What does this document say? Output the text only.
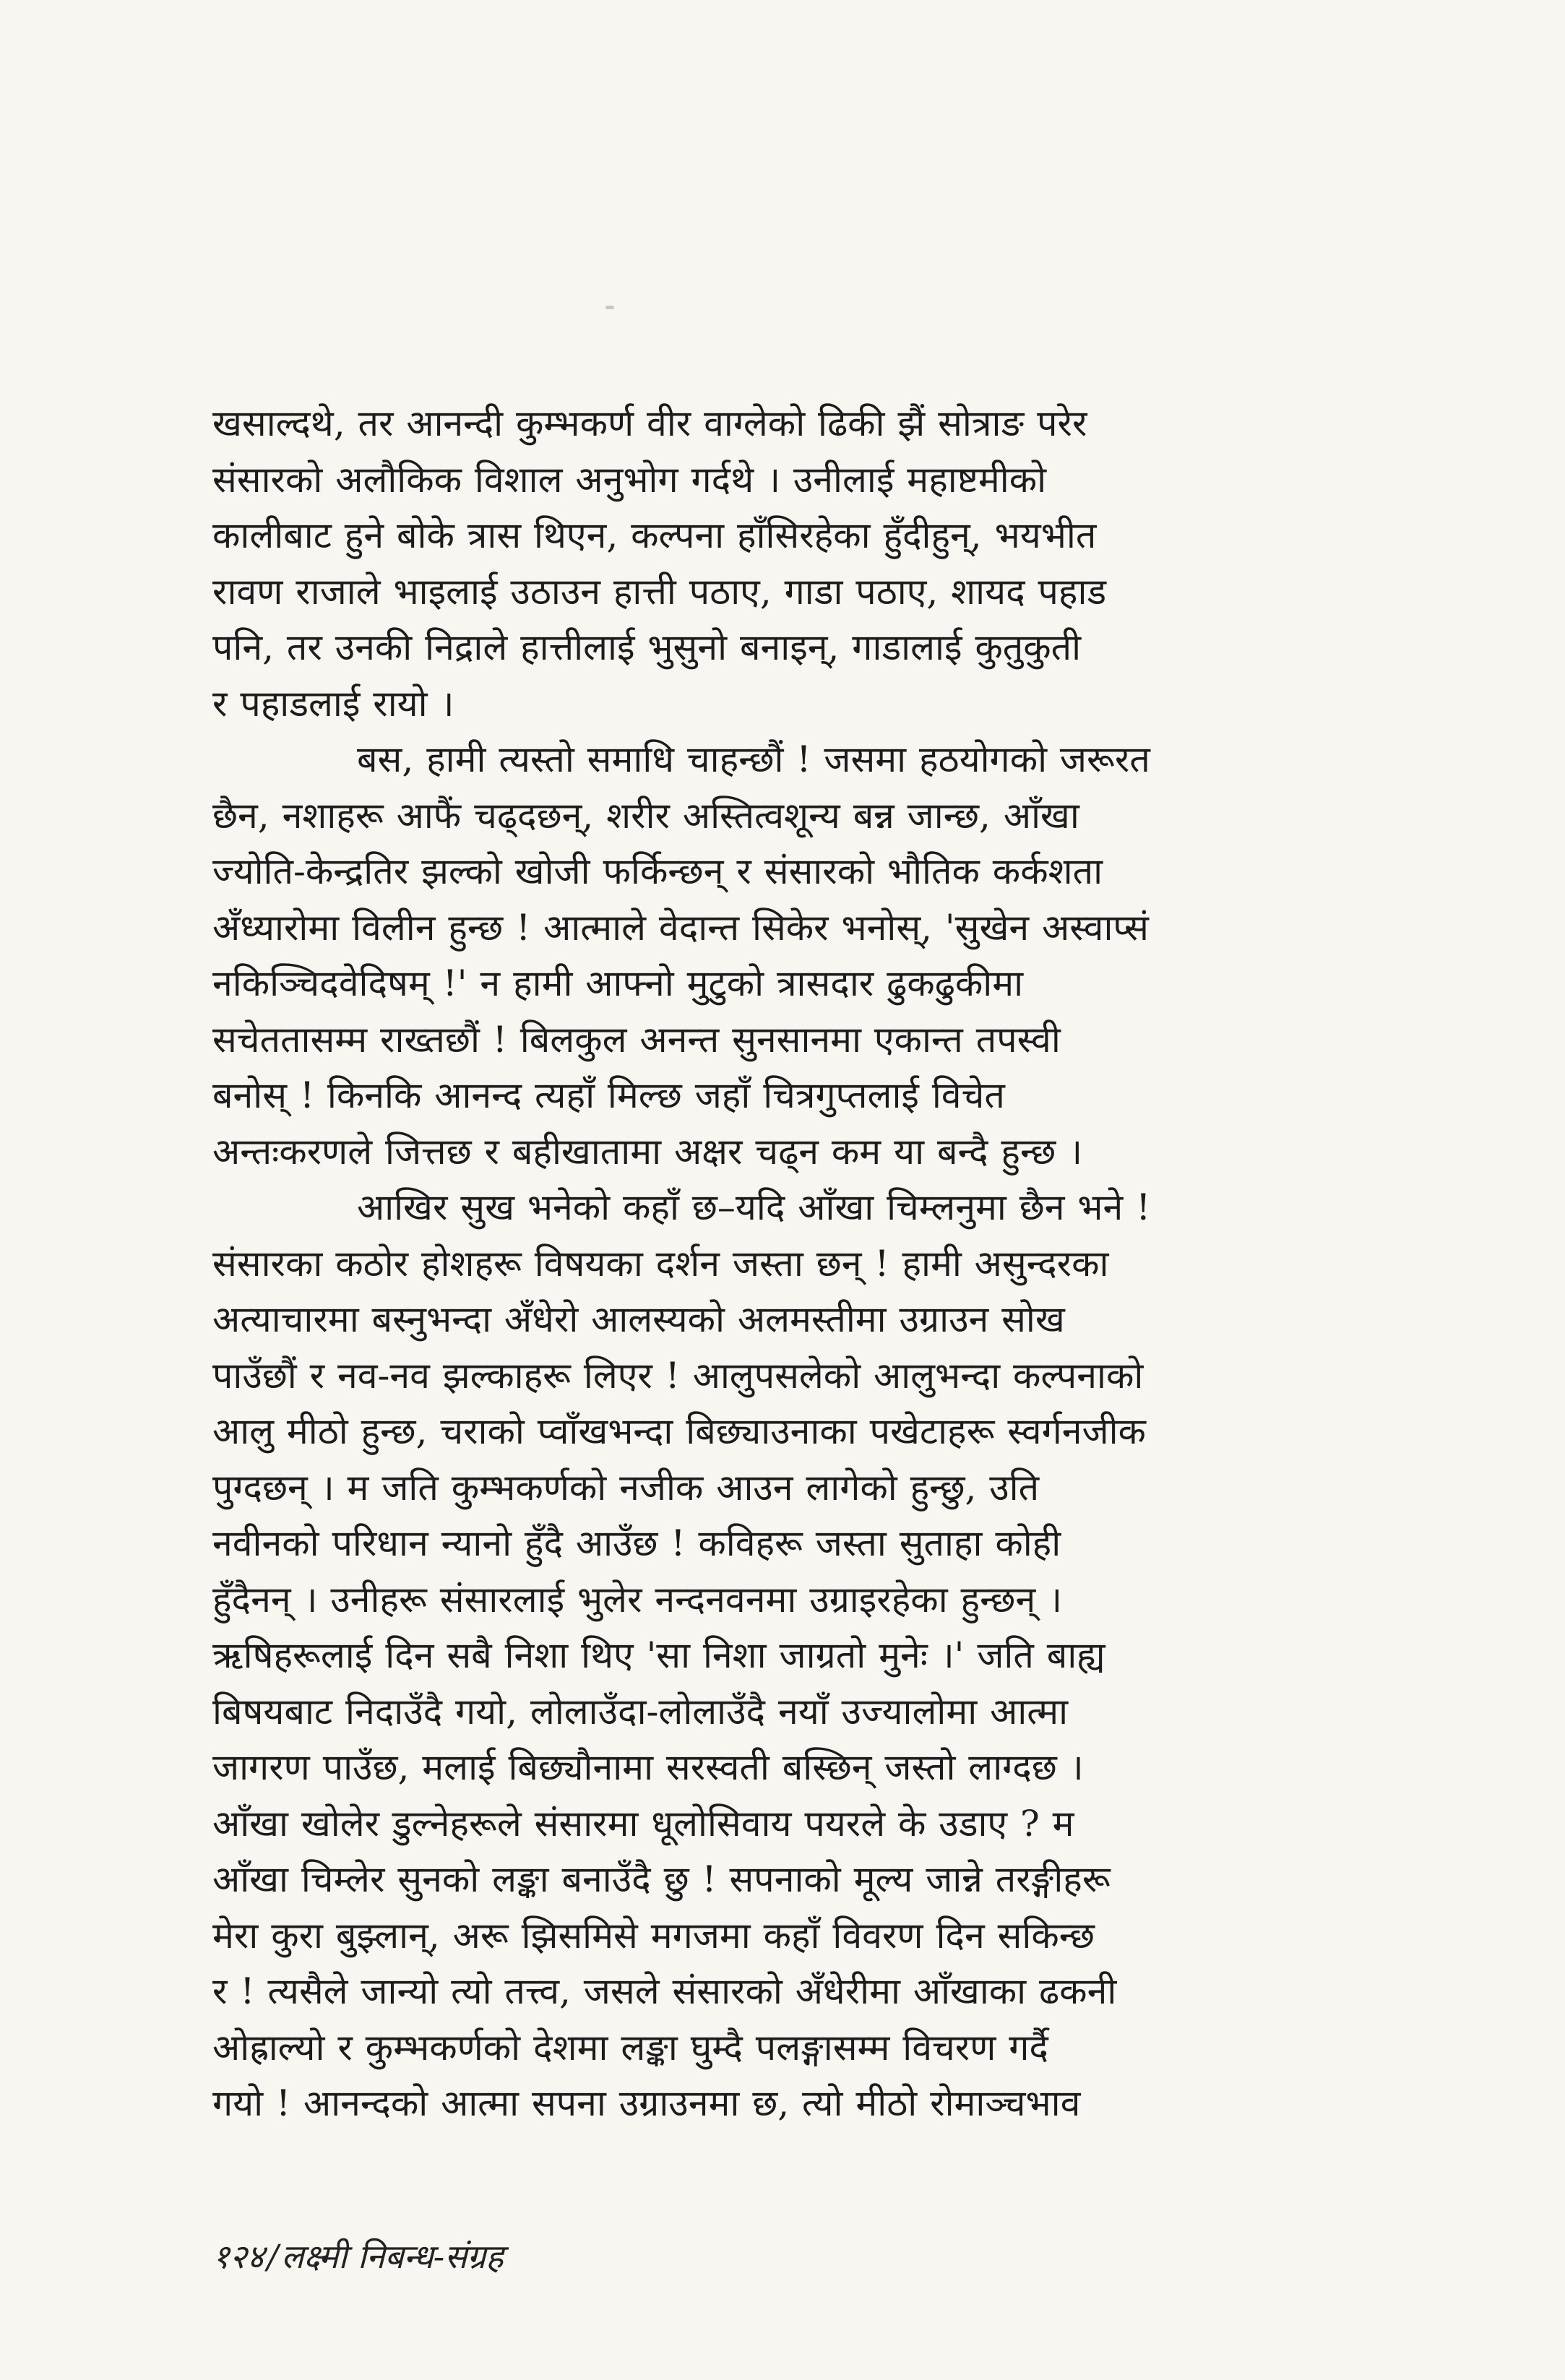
खसाल्दथे, तर आनन्दी कुम्भकर्ण वीर वाग्लेको ढिकी झैं सोत्राङ परेर
संसारको अलौकिक विशाल अनुभोग गर्दथे । उनीलाई महाष्टमीको
कालीबाट हुने बोके त्रास थिएन, कल्पना हाँसिरहेका हुँदीहुन्, भयभीत
रावण राजाले भाइलाई उठाउन हात्ती पठाए, गाडा पठाए, शायद पहाड
पनि, तर उनकी निद्राले हात्तीलाई भुसुनो बनाइन्, गाडालाई कुतुकुती
र पहाडलाई रायो ।

बस, हामी त्यस्तो समाधि चाहन्छौं ! जसमा हठयोगको जरूरत
छैन, नशाहरू आफैं चढ्दछन्, शरीर अस्तित्वशून्य बन्न जान्छ, आँखा
ज्योति-केन्द्रतिर झल्को खोजी फर्किन्छन् र संसारको भौतिक कर्कशता
अँध्यारोमा विलीन हुन्छ ! आत्माले वेदान्त सिकेर भनोस्, 'सुखेन अस्वाप्सं
नकिञ्चिदवेदिषम् !' न हामी आफ्नो मुटुको त्रासदार ढुकढुकीमा
सचेततासम्म राख्तछौं ! बिलकुल अनन्त सुनसानमा एकान्त तपस्वी
बनोस् ! किनकि आनन्द त्यहाँ मिल्छ जहाँ चित्रगुप्तलाई विचेत
अन्तःकरणले जित्तछ र बहीखातामा अक्षर चढ्न कम या बन्दै हुन्छ ।

आखिर सुख भनेको कहाँ छ–यदि आँखा चिम्लनुमा छैन भने !
संसारका कठोर होशहरू विषयका दर्शन जस्ता छन् ! हामी असुन्दरका
अत्याचारमा बस्नुभन्दा अँधेरो आलस्यको अलमस्तीमा उग्राउन सोख
पाउँछौं र नव-नव झल्काहरू लिएर ! आलुपसलेको आलुभन्दा कल्पनाको
आलु मीठो हुन्छ, चराको प्वाँखभन्दा बिछ्याउनाका पखेटाहरू स्वर्गनजीक
पुग्दछन् । म जति कुम्भकर्णको नजीक आउन लागेको हुन्छु, उति
नवीनको परिधान न्यानो हुँदै आउँछ ! कविहरू जस्ता सुताहा कोही
हुँदैनन् । उनीहरू संसारलाई भुलेर नन्दनवनमा उग्राइरहेका हुन्छन् ।
ऋषिहरूलाई दिन सबै निशा थिए 'सा निशा जाग्रतो मुनेः ।' जति बाह्य
बिषयबाट निदाउँदै गयो, लोलाउँदा-लोलाउँदै नयाँ उज्यालोमा आत्मा
जागरण पाउँछ, मलाई बिछ्यौनामा सरस्वती बस्छिन् जस्तो लाग्दछ ।
आँखा खोलेर डुल्नेहरूले संसारमा धूलोसिवाय पयरले के उडाए ? म
आँखा चिम्लेर सुनको लङ्का बनाउँदै छु ! सपनाको मूल्य जान्ने तरङ्गीहरू
मेरा कुरा बुझ्लान्, अरू झिसमिसे मगजमा कहाँ विवरण दिन सकिन्छ
र ! त्यसैले जान्यो त्यो तत्त्व, जसले संसारको अँधेरीमा आँखाका ढकनी
ओह्राल्यो र कुम्भकर्णको देशमा लङ्का घुम्दै पलङ्गासम्म विचरण गर्दै
गयो ! आनन्दको आत्मा सपना उग्राउनमा छ, त्यो मीठो रोमाञ्चभाव

१२४/लक्ष्मी निबन्ध-संग्रह
